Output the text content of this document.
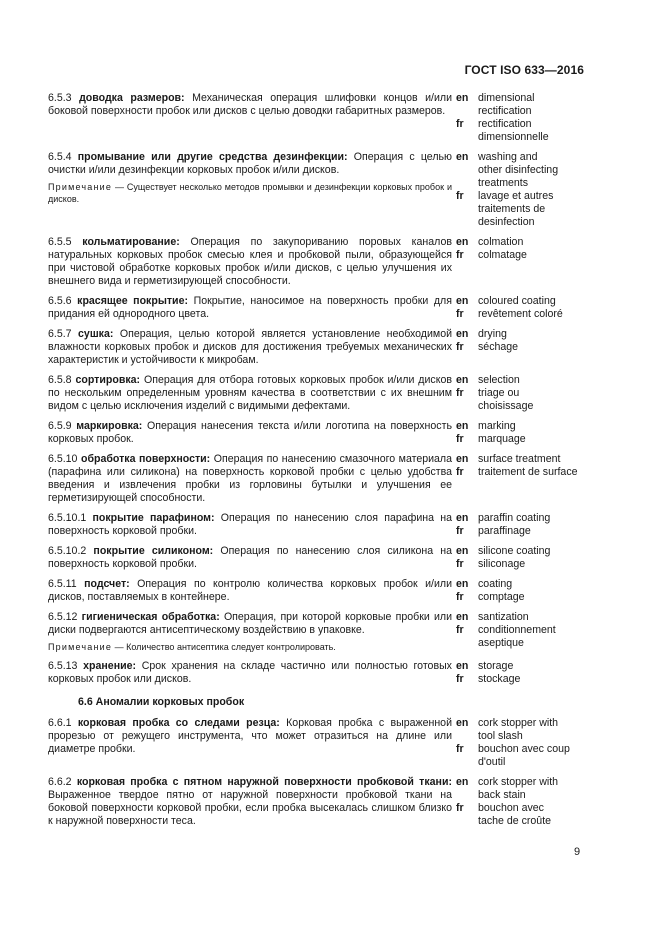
ГОСТ ISO 633—2016

6.5.3 доводка размеров: Механическая операция шлифовки концов и/или боковой поверхности пробок или дисков с целью доводки габаритных размеров.

en
fr
dimensional
rectification
rectification
dimensionnelle

6.5.4 промывание или другие средства дезинфекции: Операция с целью очистки и/или дезинфекции корковых пробок и/или дисков.

Примечание — Существует несколько методов промывки и дезинфекции корковых пробок и дисков.

en
fr
washing and
other disinfecting
treatments
lavage et autres
traitements de
desinfection

6.5.5 кольматирование: Операция по закупориванию поровых каналов натуральных корковых пробок смесью клея и пробковой пыли, образующейся при чистовой обработке корковых пробок и/или дисков, с целью улучшения их внешнего вида и герметизирующей способности.

en
fr
colmation
colmatage

6.5.6 красящее покрытие: Покрытие, наносимое на поверхность пробки для придания ей однородного цвета.

en
fr
coloured coating
revêtement coloré

6.5.7 сушка: Операция, целью которой является установление необходимой влажности корковых пробок и дисков для достижения требуемых механических характеристик и устойчивости к микробам.

en
fr
drying
séchage

6.5.8 сортировка: Операция для отбора готовых корковых пробок и/или дисков по нескольким определенным уровням качества в соответствии с их внешним видом с целью исключения изделий с видимыми дефектами.

en
fr
selection
triage ou
choisissage

6.5.9 маркировка: Операция нанесения текста и/или логотипа на поверхность корковых пробок.

en
fr
marking
marquage

6.5.10 обработка поверхности: Операция по нанесению смазочного материала (парафина или силикона) на поверхность корковой пробки с целью удобства введения и извлечения пробки из горловины бутылки и улучшения ее герметизирующей способности.

en
fr
surface treatment
traitement de surface

6.5.10.1 покрытие парафином: Операция по нанесению слоя парафина на поверхность корковой пробки.

en
fr
paraffin coating
paraffinage

6.5.10.2 покрытие силиконом: Операция по нанесению слоя силикона на поверхность корковой пробки.

en
fr
silicone coating
siliconage

6.5.11 подсчет: Операция по контролю количества корковых пробок и/или дисков, поставляемых в контейнере.

en
fr
coating
comptage

6.5.12 гигиеническая обработка: Операция, при которой корковые пробки или диски подвергаются антисептическому воздействию в упаковке.

Примечание — Количество антисептика следует контролировать.

en
fr
santization
conditionnement
aseptique

6.5.13 хранение: Срок хранения на складе частично или полностью готовых корковых пробок или дисков.

en
fr
storage
stockage
6.6 Аномалии корковых пробок

6.6.1 корковая пробка со следами резца: Корковая пробка с выраженной прорезью от режущего инструмента, что может отразиться на длине или диаметре пробки.

en
fr
cork stopper with
tool slash
bouchon avec coup
d'outil

6.6.2 корковая пробка с пятном наружной поверхности пробковой ткани: Выраженное твердое пятно от наружной поверхности пробковой ткани на боковой поверхности корковой пробки, если пробка высекалась слишком близко к наружной поверхности теса.

en
fr
cork stopper with
back stain
bouchon avec
tache de croûte
9
